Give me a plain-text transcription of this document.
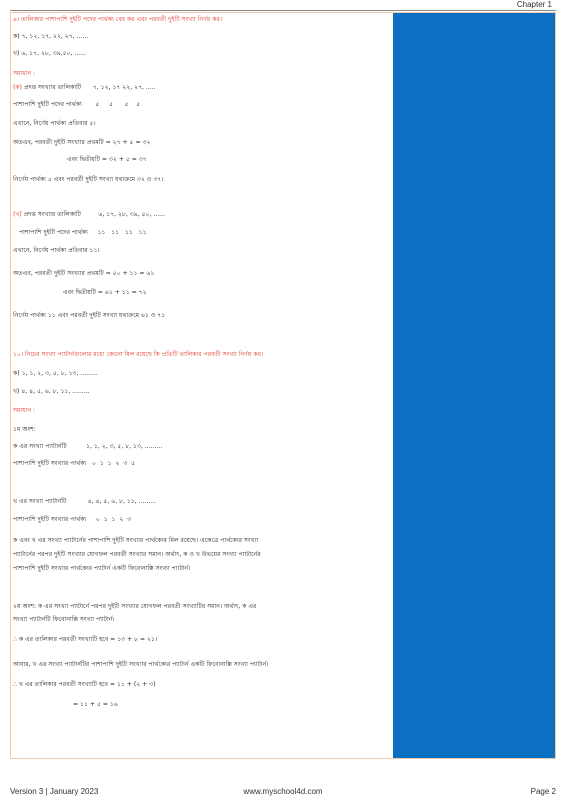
Chapter 1
৯। তালিকার পাশাপাশি দুইটি পদের পার্থক্য বের কর এবং পরবর্তী দুইটি সংখ্যা নির্ণয় কর।
ক) ৭, ১২, ১৭, ২২, ২৭, ......
খ) ৬, ১৭, ২৮, ৩৯,৫০, ......
সমাধান :
(ক) প্রদত্ত সংখ্যার তালিকাটি      ৭, ১২, ১৭ ২২, ২৭, .....
পাশাপাশি দুইটি পদের পার্থক্য       ৫     ৫      ৫    ৫
এখানে, নির্ণেয় পার্থক্য প্রতিবার ৫।
অতএব, পরবর্তী দুইটি সংখ্যার প্রথমটি = ২৭ + ৫ = ৩২
এবং দ্বিতীয়টি = ৩২ + ৫ = ৩৭
নির্ণেয় পার্থক্য ৫ এবং পরবর্তী দুইটি সংখ্যা যথাক্রমে ৩২ ও ৩৭।
(খ) প্রদত্ত সংখ্যার তালিকাটি         ৬, ১৭, ২৮, ৩৯, ৫০, ......
পাশাপাশি দুইটি পদের পার্থক্য     ১১   ১১   ১১   ১১
এখানে, নির্ণেয় পার্থক্য প্রতিবার ১১।
অতএব, পরবর্তী দুইটি সংখ্যার প্রথমটি = ৫০ + ১১ = ৬১
এবং দ্বিতীয়টি = ৬১ + ১১ = ৭২
নির্ণেয় পার্থক্য ১১ এবং পরবর্তী দুইটি সংখ্যা যথাক্রমে ৬১ ও ৭১
১০। নিচের সংখ্যা প্যাটার্নগুলোর মধ্যে কোনো মিল রয়েছে কি প্রতিটি তালিকার পরবর্তী সংখ্যা নির্ণয় কর।
ক) ১, ১, ২, ৩, ৫, ৮, ১৩, .........
খ) ৪, ৪, ৫, ৬, ৮, ১১, .........
সমাধান :
১ম অংশ:
ক এর সংখ্যা প্যাটার্নটি          ১, ১, ২, ৩, ৫, ৮, ১৩, .........
পাশাপাশি দুইটি সংখ্যার পার্থক্য   ০  ১  ১  ২  ৩  ৫
খ এর সংখ্যা প্যাটার্নটি           ৪, ৪, ৫, ৬, ৮, ১১, .........
পাশাপাশি দুইটি সংখ্যার পার্থক্য     ০  ১  ১  ২  ৩
ক এবং খ এর সংখ্যা প্যাটার্নের পাশাপাশি দুইটি সংখ্যার পার্থক্যের মিল রয়েছে। একেত্রে পার্থক্যের সংখ্যা
প্যাটার্নের পরপর দুইটি সংখ্যার যোগফল পরবর্তী সংখ্যার সমান। অর্থাৎ, ক ও খ উভয়ের সংখ্যা প্যাটার্নের
পাশাপাশি দুইটি সংখ্যার পার্থক্যের প্যাটার্ন একটি ফিবোনাক্কি সংখ্যা প্যাটার্ন।
২য় অংশ: ক এর সংখ্যা প্যাটার্নে পরপর দুইটি সংখ্যার যোগফল পরবর্তী সংখ্যাটির সমান। অর্থাৎ, ক এর
সংখ্যা প্যাটার্নটি ফিবোনাক্কি সংখ্যা প্যাটার্ন।
∴ ক এর তালিকার পরবর্তী সংখ্যাটি হবে = ১৩ + ৮ = ২১।
আবার, খ এর সংখ্যা প্যাটার্নটির পাশাপাশি দুইটি সংখ্যার পার্থক্যের প্যাটার্ন একটি ফিবোনাক্কি সংখ্যা প্যাটার্ন।
∴ খ এর তালিকার পরবর্তী সংখ্যাটি হবে = ১১ + (২ + ৩)
= ১১ + ৫ = ১৬
Version 3 | January 2023	www.myschool4d.com	Page 2
